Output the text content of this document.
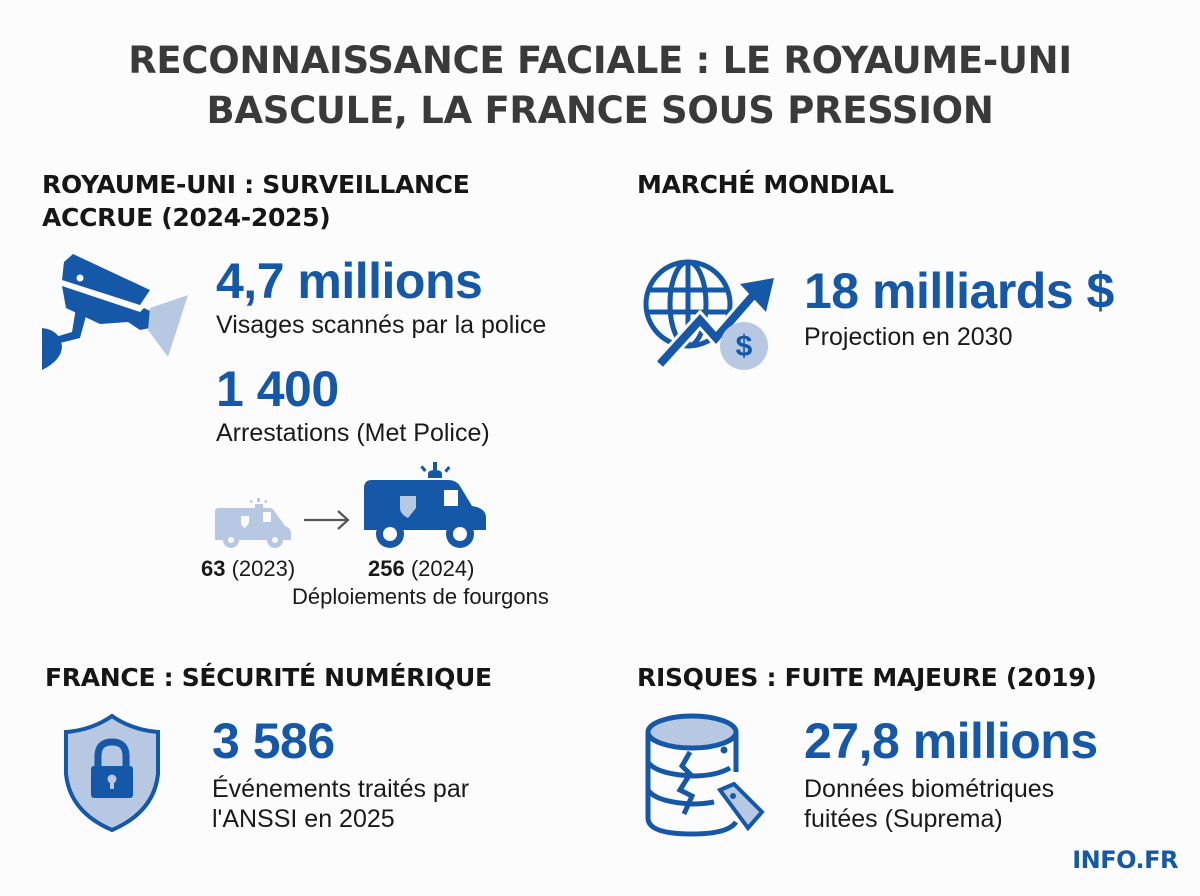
RECONNAISSANCE FACIALE : LE ROYAUME-UNI
BASCULE, LA FRANCE SOUS PRESSION
ROYAUME-UNI : SURVEILLANCE
ACCRUE (2024-2025)
4,7 millions
Visages scannés par la police
1 400
Arrestations (Met Police)
63 (2023)	256 (2024)
Déploiements de fourgons
MARCHÉ MONDIAL
$
18 milliards $
Projection en 2030
FRANCE : SÉCURITÉ NUMÉRIQUE
3 586
Événements traités par
l'ANSSI en 2025
RISQUES : FUITE MAJEURE (2019)
27,8 millions
Données biométriques
fuitées (Suprema)
INFO.FR
